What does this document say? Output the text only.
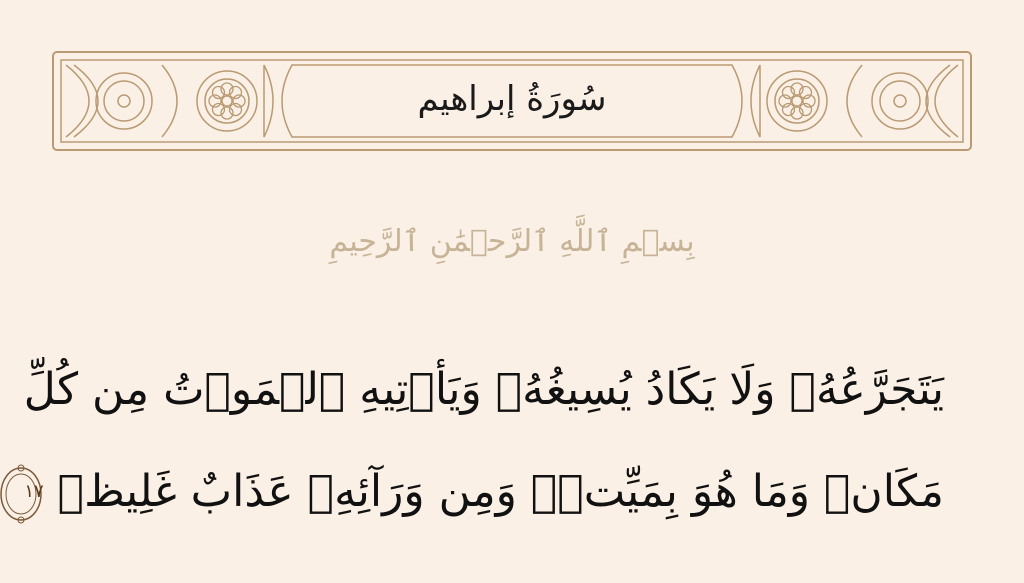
سُورَةُ إبراهيم
بِسۡمِ ٱللَّهِ ٱلرَّحۡمَٰنِ ٱلرَّحِيمِ
يَتَجَرَّعُهُۥ وَلَا يَكَادُ يُسِيغُهُۥ وَيَأۡتِيهِ ٱلۡمَوۡتُ مِن كُلِّ
مَكَانٖ وَمَا هُوَ بِمَيِّتٖۖ وَمِن وَرَآئِهِۦ عَذَابٌ غَلِيظٞ
١٧
